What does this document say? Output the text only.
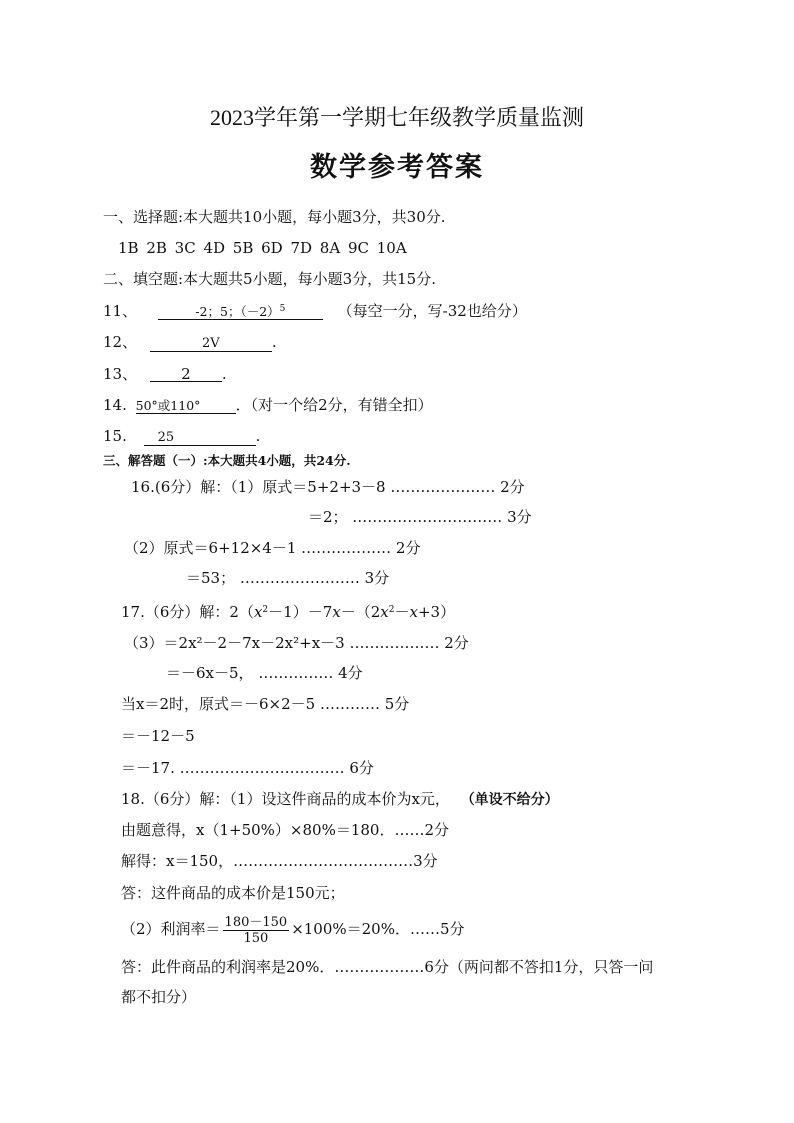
2023学年第一学期七年级教学质量监测
数学参考答案
一、选择题:本大题共10小题，每小题3分，共30分.
1B 2B 3C 4D 5B 6D 7D 8A 9C 10A
二、填空题:本大题共5小题，每小题3分，共15分.
11、	-2；5；$(-2)^5$	（每空一分，写-32也给分）
12、	2V	.
13、	2 .
14. 50°或110° ．（对一个给2分，有错全扣）
15. 25	.
三、解答题（一）:本大题共4小题，共24分.
16.(6分）解：（1）原式＝5+2+3－8 ………………… 2分
＝2； ………………………… 3分
（2）原式＝6+12×4－1 ……………… 2分
＝53； …………………… 3分
17.（6分）解：$2(x^2-1)-7x-(2x^2-x+3)$
（3）＝2x²－2－7x－2x²+x－3 ……………… 2分
＝－6x－5， …………… 4分
当x＝2时，原式＝－6×2－5 ………… 5分
＝－12－5
＝－17. …………………………… 6分
18.（6分）解：（1）设这件商品的成本价为x元， （单设不给分）
由题意得，x（1+50%）×80%＝180．……2分
解得：x＝150，………………………………3分
答：这件商品的成本价是150元；
（2）利润率＝ $\frac{180-150}{150} \times 100\%=20\%$．……5分
答：此件商品的利润率是20%．………………6分（两问都不答扣1分，只答一问
都不扣分）
